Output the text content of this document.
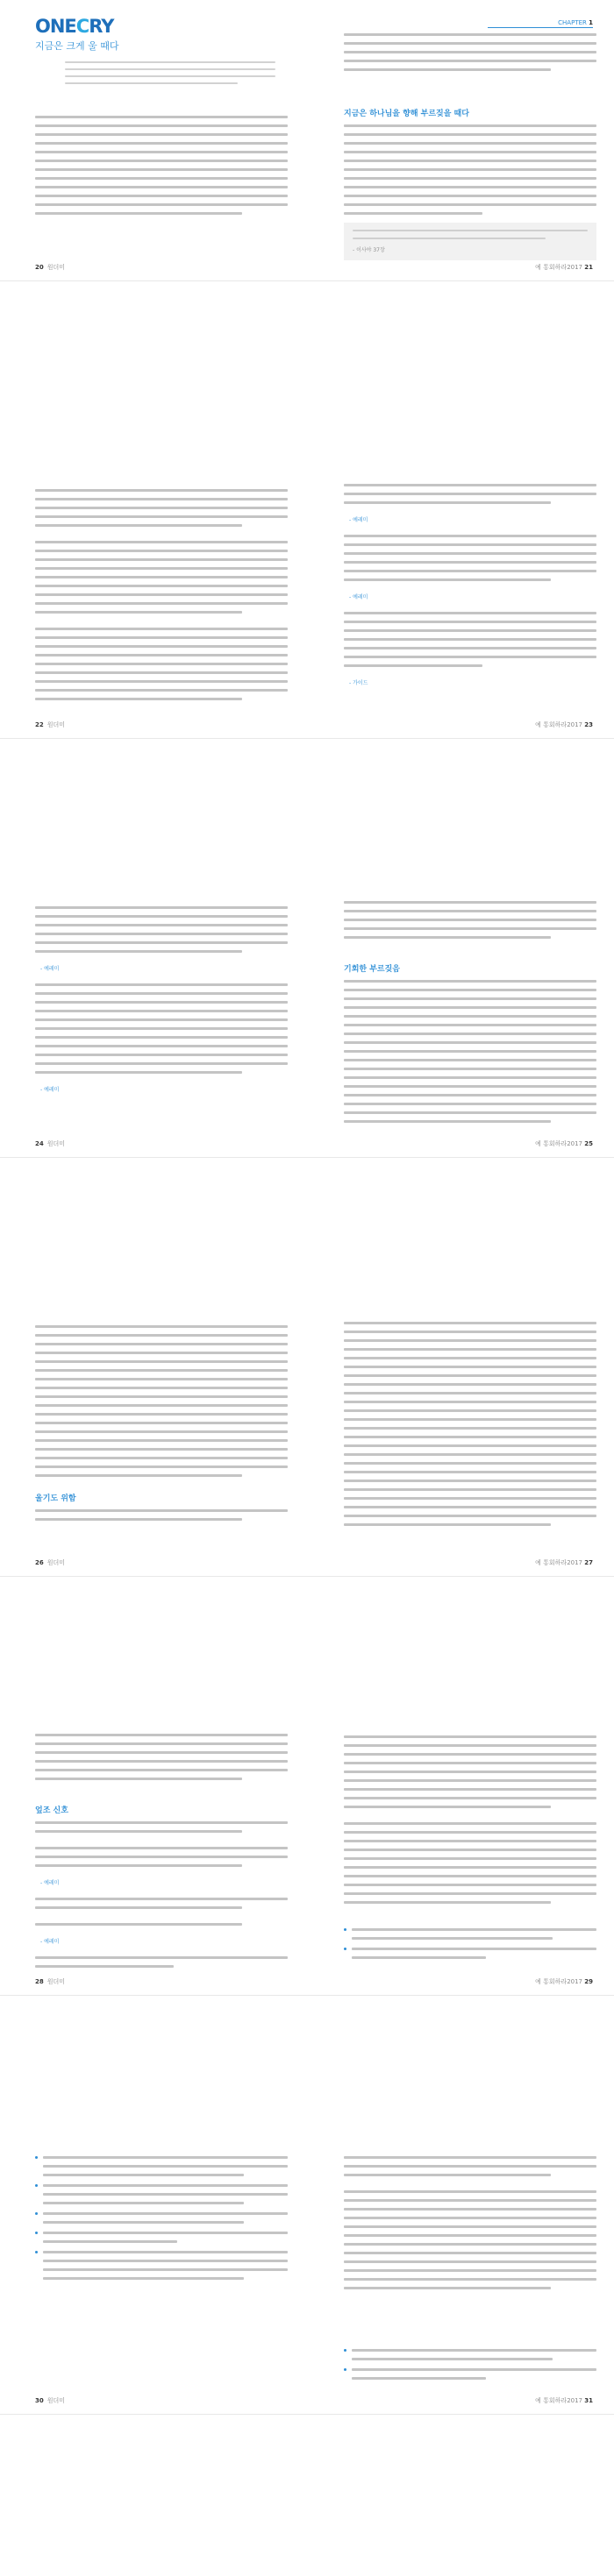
ONECRY	CHAPTER 1
지금은 크게 울 때다
20 원더미
지금은 하나님을 향해 부르짖을 때다
- 이사야 37장
예 통회하라2017 21
22 원더미
- 예레미
- 예레미
- 가이드
예 통회하라2017 23
- 예레미
- 예레미
24 원더미
기회한 부르짖음
예 통회하라2017 25
울기도 위함
26 원더미	예 통회하라2017 27
엎조 신호
- 예레미
- 예레미
28 원더미	예 통회하라2017 29
30 원더미	예 통회하라2017 31
